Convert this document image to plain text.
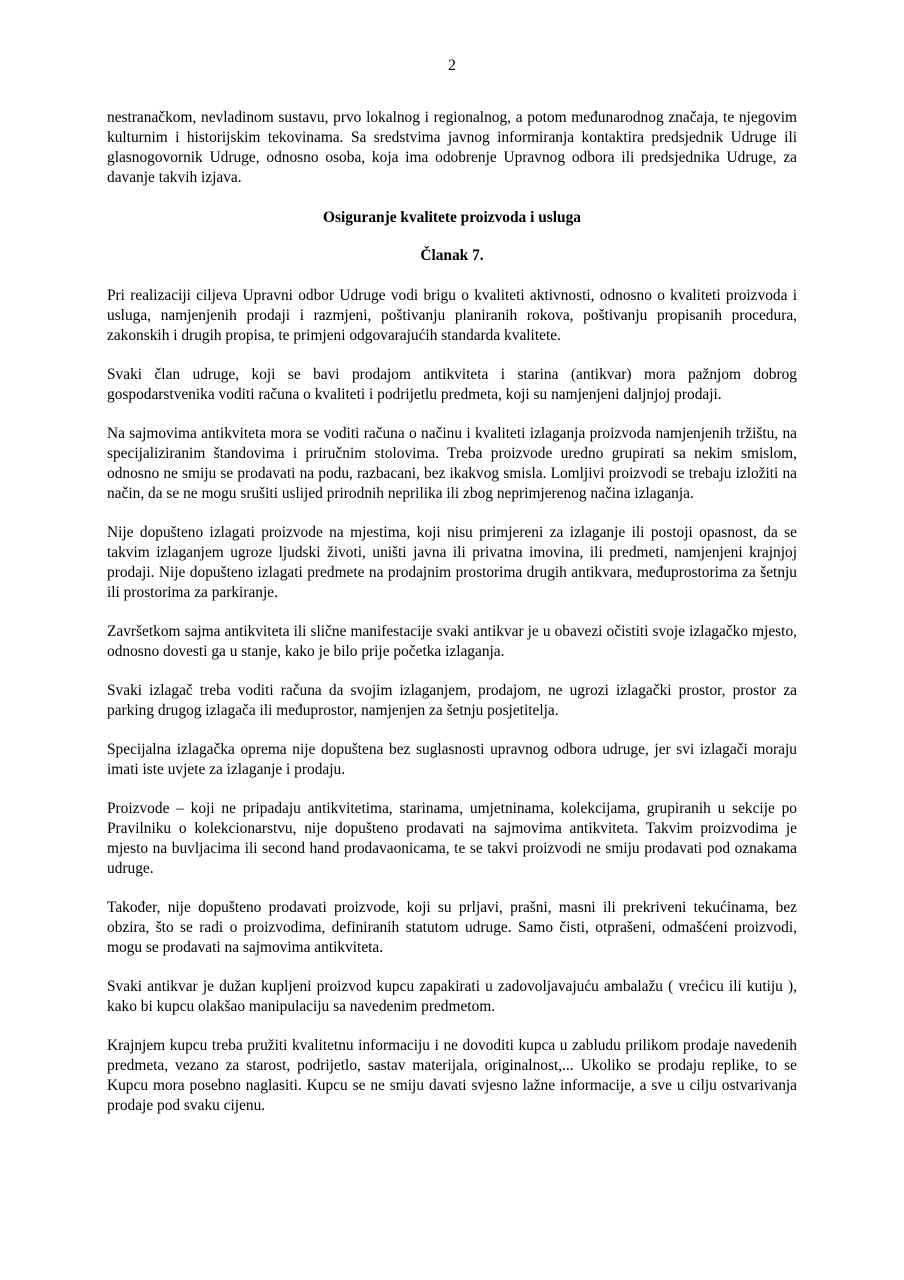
2

nestranačkom, nevladinom sustavu, prvo lokalnog i regionalnog, a potom međunarodnog značaja, te njegovim kulturnim i historijskim tekovinama. Sa sredstvima javnog informiranja kontaktira predsjednik Udruge ili glasnogovornik Udruge, odnosno osoba, koja ima odobrenje Upravnog odbora ili predsjednika Udruge, za davanje takvih izjava.

Osiguranje kvalitete proizvoda i usluga
Članak 7.

Pri realizaciji ciljeva Upravni odbor Udruge vodi brigu o kvaliteti aktivnosti, odnosno o kvaliteti proizvoda i usluga, namjenjenih prodaji i razmjeni, poštivanju planiranih rokova, poštivanju propisanih procedura, zakonskih i drugih propisa, te primjeni odgovarajućih standarda kvalitete.

Svaki član udruge, koji se bavi prodajom antikviteta i starina (antikvar) mora pažnjom dobrog gospodarstvenika voditi računa o kvaliteti i podrijetlu predmeta, koji su namjenjeni daljnjoj prodaji.

Na sajmovima antikviteta mora se voditi računa o načinu i kvaliteti izlaganja proizvoda namjenjenih tržištu, na specijaliziranim štandovima i priručnim stolovima. Treba proizvode uredno grupirati sa nekim smislom, odnosno ne smiju se prodavati na podu, razbacani, bez ikakvog smisla. Lomljivi proizvodi se trebaju izložiti na način, da se ne mogu srušiti uslijed prirodnih neprilika ili zbog neprimjerenog načina izlaganja.

Nije dopušteno izlagati proizvode na mjestima, koji nisu primjereni za izlaganje ili postoji opasnost, da se takvim izlaganjem ugroze ljudski životi, uništi javna ili privatna imovina, ili predmeti, namjenjeni krajnjoj prodaji. Nije dopušteno izlagati predmete na prodajnim prostorima drugih antikvara, međuprostorima za šetnju ili prostorima za parkiranje.

Završetkom sajma antikviteta ili slične manifestacije svaki antikvar je u obavezi očistiti svoje izlagačko mjesto, odnosno dovesti ga u stanje, kako je bilo prije početka izlaganja.

Svaki izlagač treba voditi računa da svojim izlaganjem, prodajom, ne ugrozi izlagački prostor, prostor za parking drugog izlagača ili međuprostor, namjenjen za šetnju posjetitelja.

Specijalna izlagačka oprema nije dopuštena bez suglasnosti upravnog odbora udruge, jer svi izlagači moraju imati iste uvjete za izlaganje i prodaju.

Proizvode – koji ne pripadaju antikvitetima, starinama, umjetninama, kolekcijama, grupiranih u sekcije po Pravilniku o kolekcionarstvu, nije dopušteno prodavati na sajmovima antikviteta. Takvim proizvodima je mjesto na buvljacima ili second hand prodavaonicama, te se takvi proizvodi ne smiju prodavati pod oznakama udruge.

Također, nije dopušteno prodavati proizvode, koji su prljavi, prašni, masni ili prekriveni tekućinama, bez obzira, što se radi o proizvodima, definiranih statutom udruge. Samo čisti, otprašeni, odmašćeni proizvodi, mogu se prodavati na sajmovima antikviteta.

Svaki antikvar je dužan kupljeni proizvod kupcu zapakirati u zadovoljavajuću ambalažu ( vrećicu ili kutiju ), kako bi kupcu olakšao manipulaciju sa navedenim predmetom.

Krajnjem kupcu treba pružiti kvalitetnu informaciju i ne dovoditi kupca u zabludu prilikom prodaje navedenih predmeta, vezano za starost, podrijetlo, sastav materijala, originalnost,... Ukoliko se prodaju replike, to se Kupcu mora posebno naglasiti. Kupcu se ne smiju davati svjesno lažne informacije, a sve u cilju ostvarivanja prodaje pod svaku cijenu.
